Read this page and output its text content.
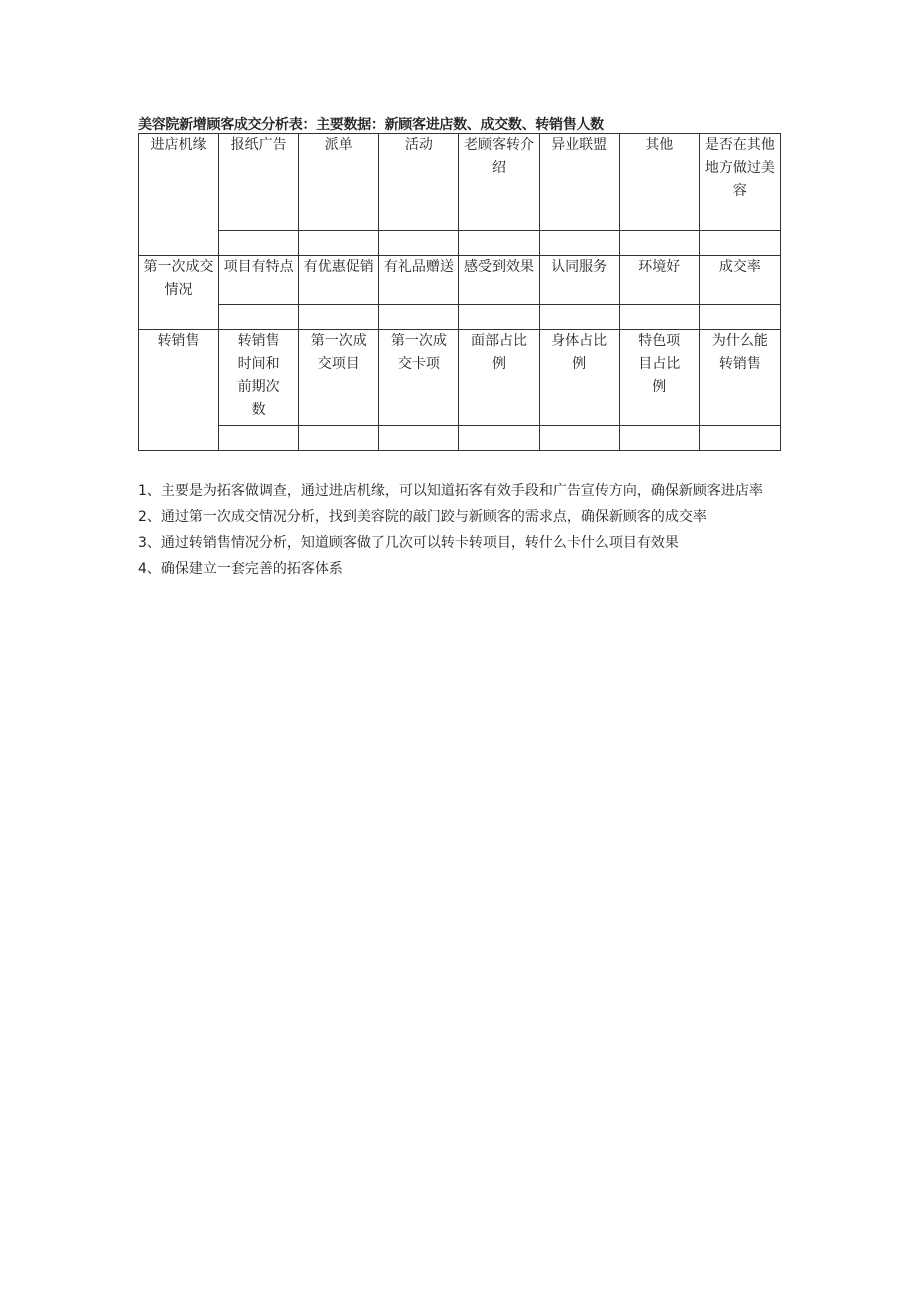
美容院新增顾客成交分析表：主要数据：新顾客进店数、成交数、转销售人数
进店机缘	报纸广告	派单	活动	老顾客转介绍	异业联盟	其他	是否在其他地方做过美容

第一次成交情况	项目有特点	有优惠促销	有礼品赠送	感受到效果	认同服务	环境好	成交率

转销售	转销售时间和前期次数	第一次成交项目	第一次成交卡项	面部占比例	身体占比例	特色项目占比例	为什么能转销售

1、主要是为拓客做调查，通过进店机缘，可以知道拓客有效手段和广告宣传方向，确保新顾客进店率

2、通过第一次成交情况分析，找到美容院的敲门跤与新顾客的需求点，确保新顾客的成交率

3、通过转销售情况分析，知道顾客做了几次可以转卡转项目，转什么卡什么项目有效果

4、确保建立一套完善的拓客体系
